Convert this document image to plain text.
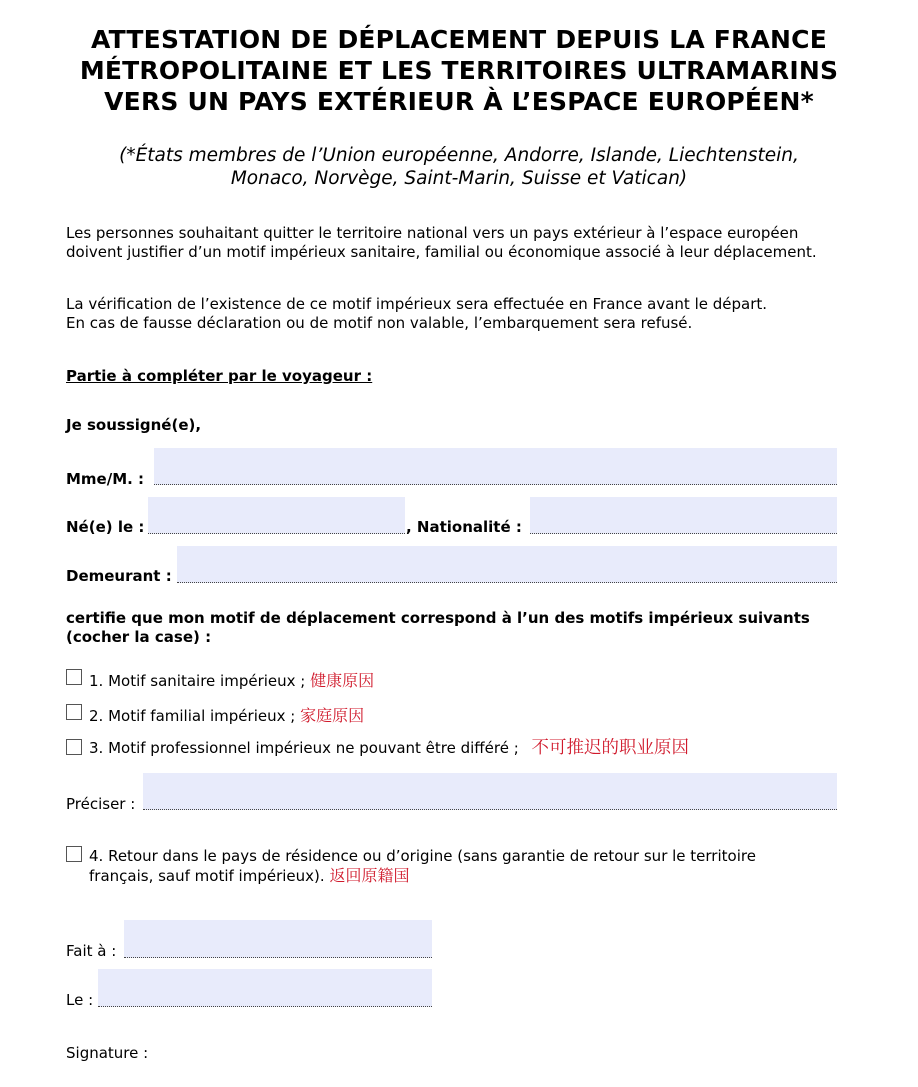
ATTESTATION DE DÉPLACEMENT DEPUIS LA FRANCE
MÉTROPOLITAINE ET LES TERRITOIRES ULTRAMARINS
VERS UN PAYS EXTÉRIEUR À L’ESPACE EUROPÉEN*

(*États membres de l’Union européenne, Andorre, Islande, Liechtenstein,
Monaco, Norvège, Saint-Marin, Suisse et Vatican)

Les personnes souhaitant quitter le territoire national vers un pays extérieur à l’espace européen doivent justifier d’un motif impérieux sanitaire, familial ou économique associé à leur déplacement.

La vérification de l’existence de ce motif impérieux sera effectuée en France avant le départ.
En cas de fausse déclaration ou de motif non valable, l’embarquement sera refusé.

Partie à compléter par le voyageur :

Je soussigné(e),

Mme/M. :
Né(e) le :	, Nationalité :
Demeurant :

certifie que mon motif de déplacement correspond à l’un des motifs impérieux suivants (cocher la case) :

1. Motif sanitaire impérieux ; 健康原因

2. Motif familial impérieux ; 家庭原因

3. Motif professionnel impérieux ne pouvant être différé ; 不可推迟的职业原因

Préciser :

4. Retour dans le pays de résidence ou d’origine (sans garantie de retour sur le territoire
français, sauf motif impérieux). 返回原籍国

Fait à :
Le :
Signature :
